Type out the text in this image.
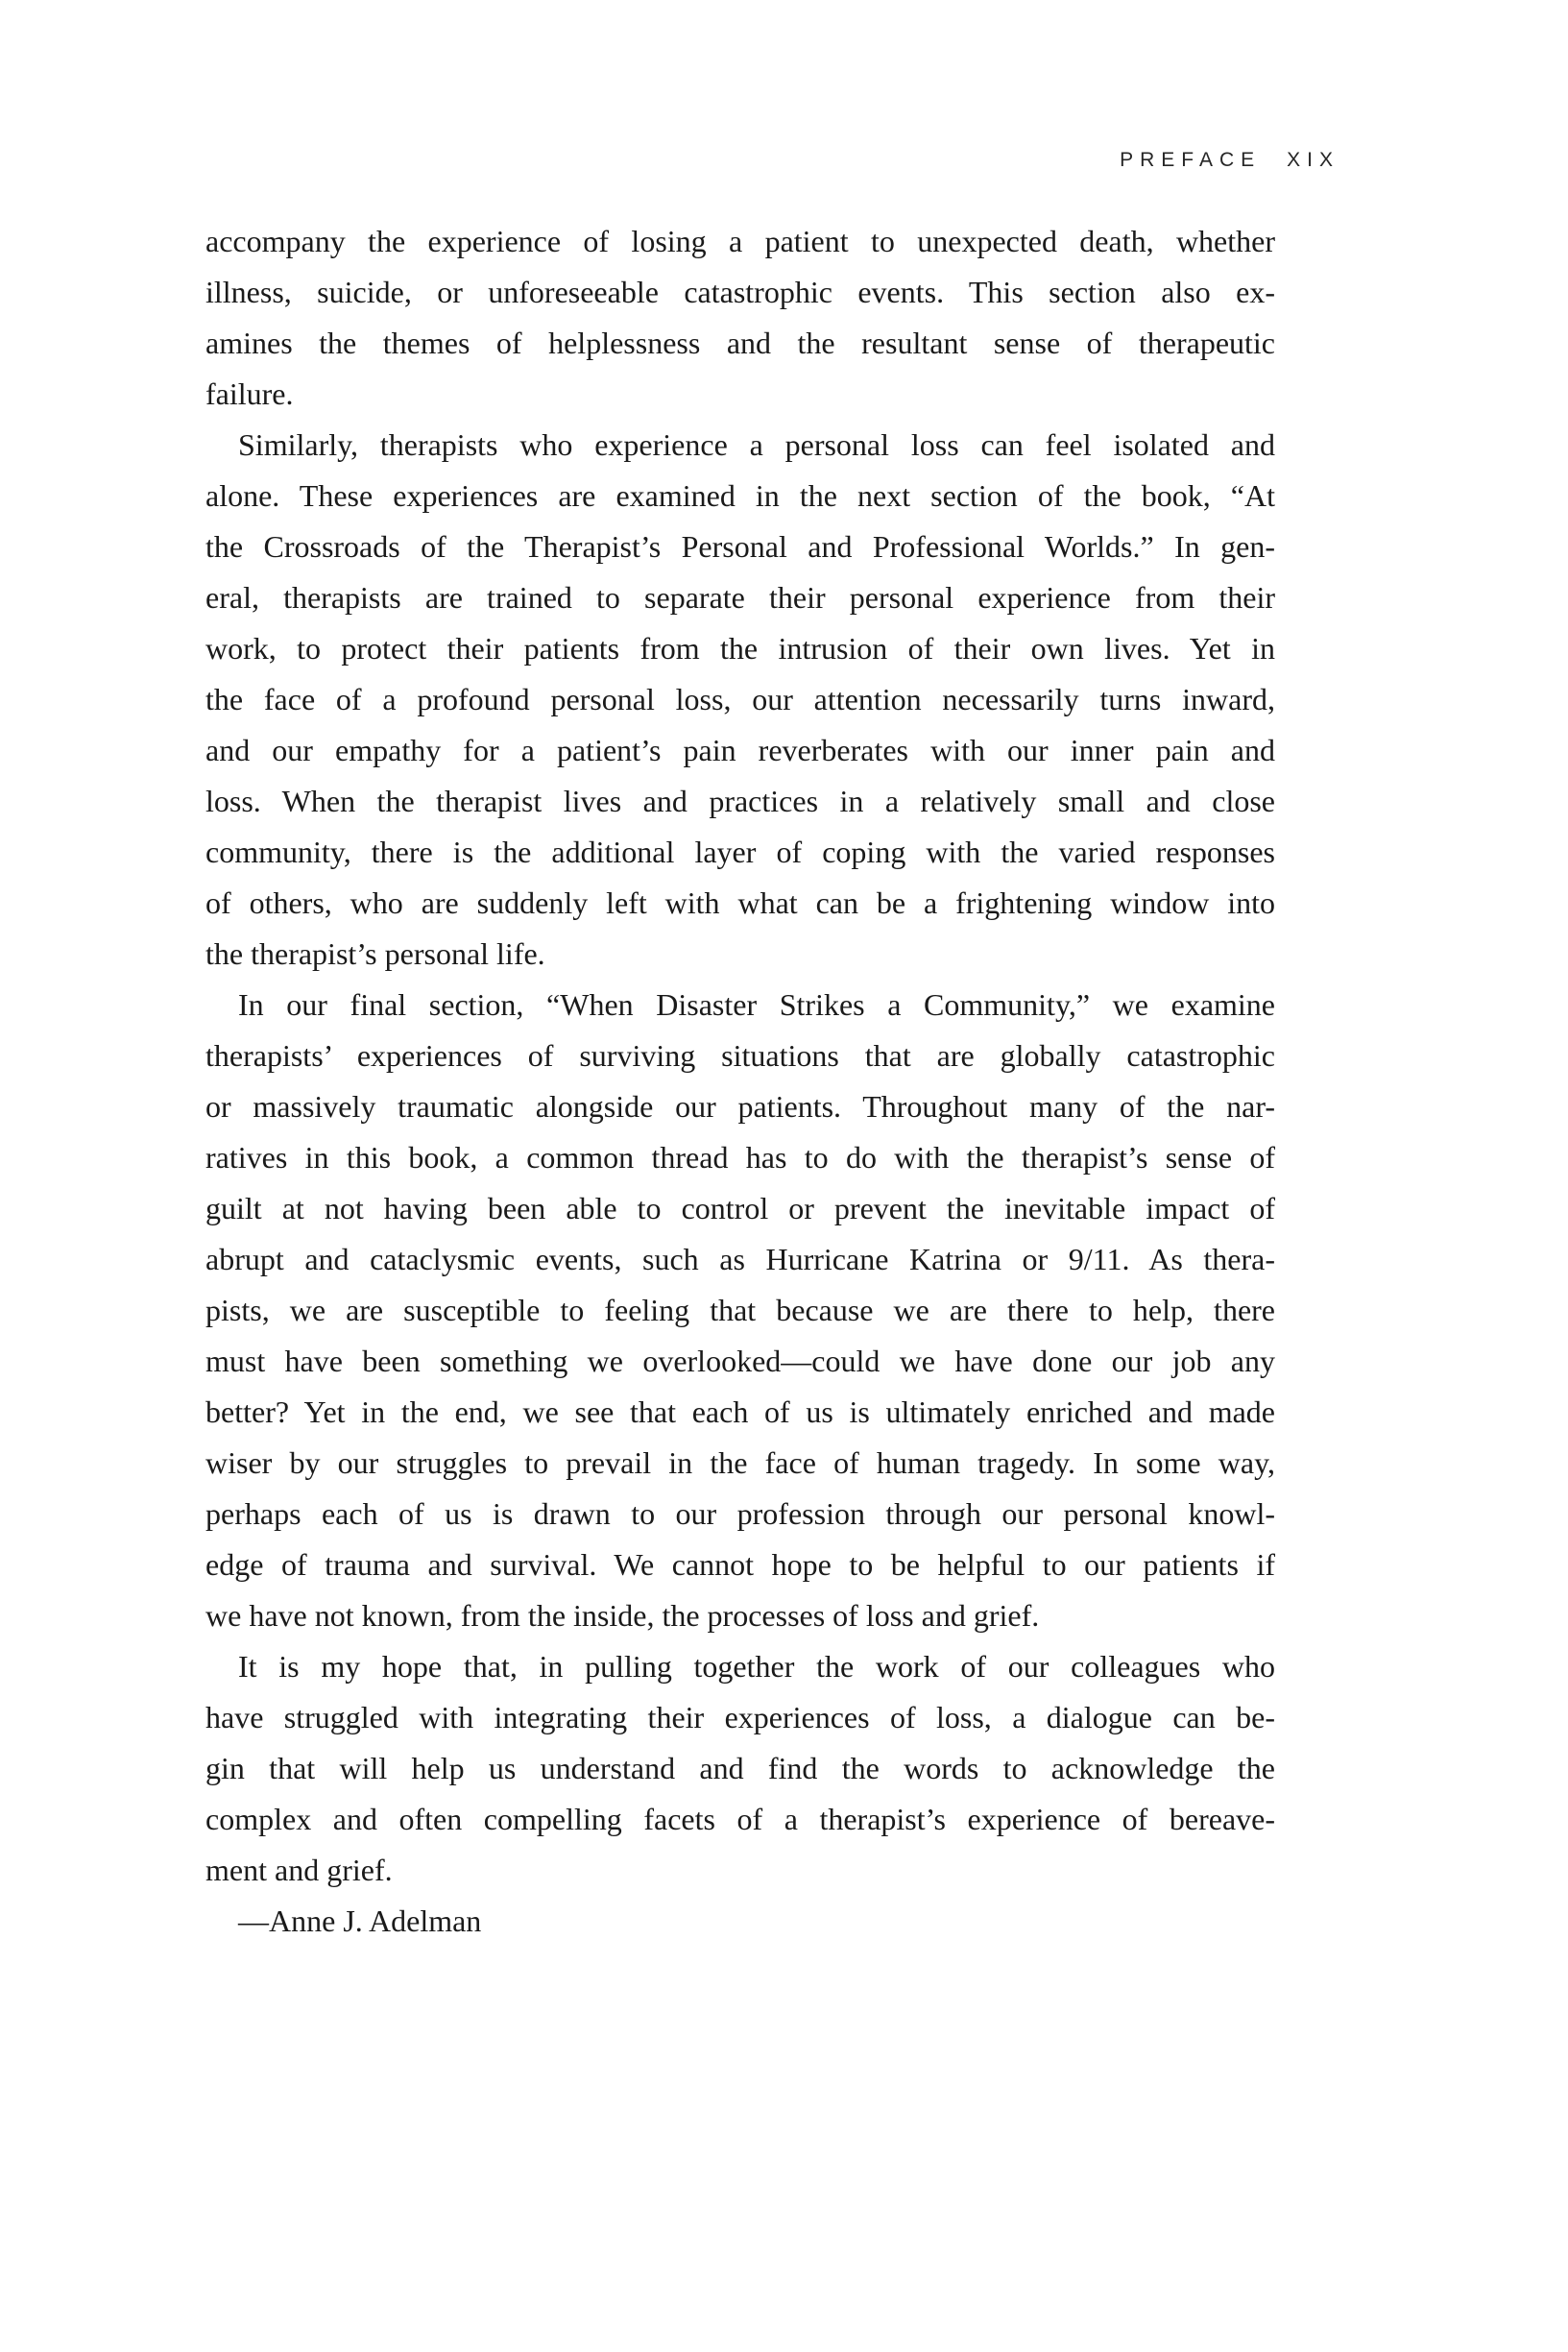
PREFACE XIX
accompany the experience of losing a patient to unexpected death, whether
illness, suicide, or unforeseeable catastrophic events. This section also ex-
amines the themes of helplessness and the resultant sense of therapeutic
failure.
Similarly, therapists who experience a personal loss can feel isolated and
alone. These experiences are examined in the next section of the book, “At
the Crossroads of the Therapist’s Personal and Professional Worlds.” In gen-
eral, therapists are trained to separate their personal experience from their
work, to protect their patients from the intrusion of their own lives. Yet in
the face of a profound personal loss, our attention necessarily turns inward,
and our empathy for a patient’s pain reverberates with our inner pain and
loss. When the therapist lives and practices in a relatively small and close
community, there is the additional layer of coping with the varied responses
of others, who are suddenly left with what can be a frightening window into
the therapist’s personal life.
In our final section, “When Disaster Strikes a Community,” we examine
therapists’ experiences of surviving situations that are globally catastrophic
or massively traumatic alongside our patients. Throughout many of the nar-
ratives in this book, a common thread has to do with the therapist’s sense of
guilt at not having been able to control or prevent the inevitable impact of
abrupt and cataclysmic events, such as Hurricane Katrina or 9/11. As thera-
pists, we are susceptible to feeling that because we are there to help, there
must have been something we overlooked—could we have done our job any
better? Yet in the end, we see that each of us is ultimately enriched and made
wiser by our struggles to prevail in the face of human tragedy. In some way,
perhaps each of us is drawn to our profession through our personal knowl-
edge of trauma and survival. We cannot hope to be helpful to our patients if
we have not known, from the inside, the processes of loss and grief.
It is my hope that, in pulling together the work of our colleagues who
have struggled with integrating their experiences of loss, a dialogue can be-
gin that will help us understand and find the words to acknowledge the
complex and often compelling facets of a therapist’s experience of bereave-
ment and grief.
—Anne J. Adelman
